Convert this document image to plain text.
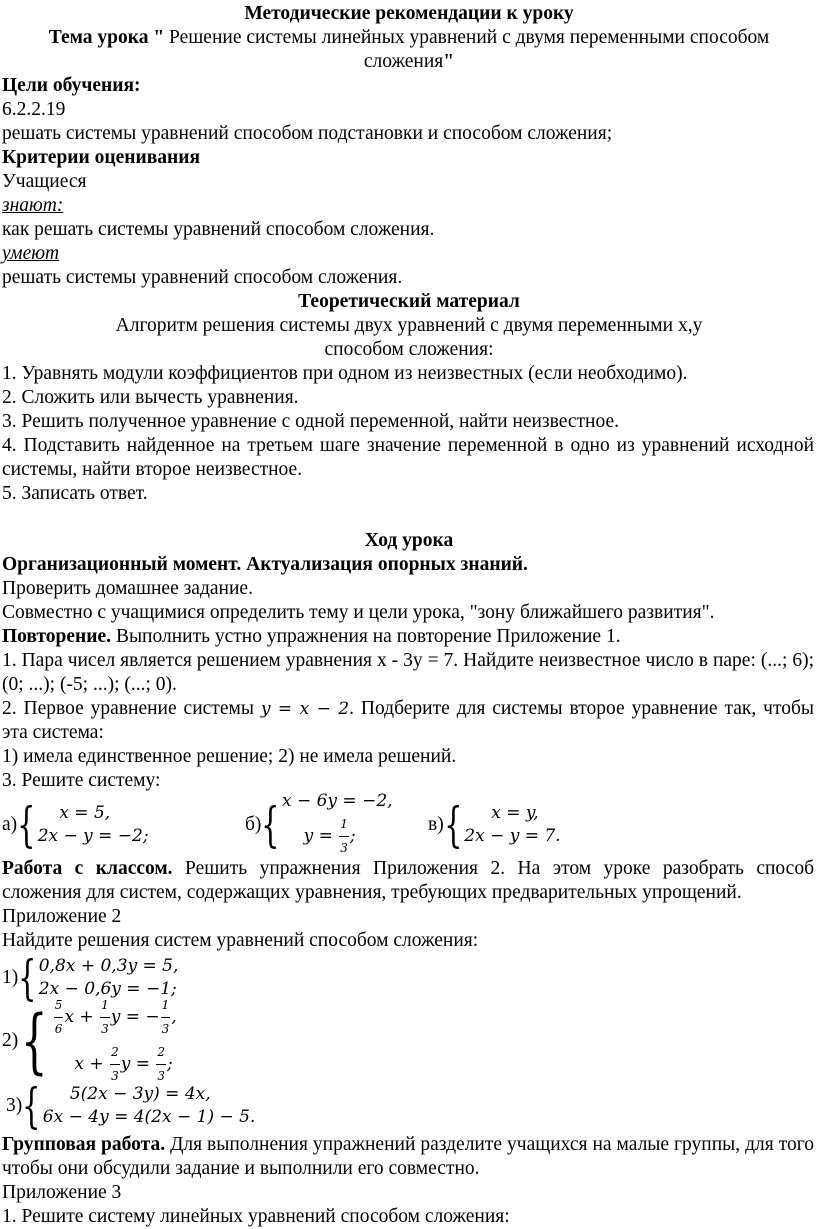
Методические рекомендации к уроку
Тема урока " Решение системы линейных уравнений с двумя переменными способом
сложения"
Цели обучения:
6.2.2.19
решать системы уравнений способом подстановки и способом сложения;
Критерии оценивания
Учащиеся
знают:
как решать системы уравнений способом сложения.
умеют
решать системы уравнений способом сложения.
Теоретический материал
Алгоритм решения системы двух уравнений с двумя переменными х,у
способом сложения:
1. Уравнять модули коэффициентов при одном из неизвестных (если необходимо).
2. Сложить или вычесть уравнения.
3. Решить полученное уравнение с одной переменной, найти неизвестное.
4. Подставить найденное на третьем шаге значение переменной в одно из уравнений исходной системы, найти второе неизвестное.
5. Записать ответ.
Ход урока
Организационный момент. Актуализация опорных знаний.
Проверить домашнее задание.
Совместно с учащимися определить тему и цели урока, "зону ближайшего развития".
Повторение. Выполнить устно упражнения на повторение Приложение 1.
1. Пара чисел является решением уравнения х - 3у = 7. Найдите неизвестное число в паре: (...; 6); (0; ...); (-5; ...); (...; 0).
2. Первое уравнение системы y = x − 2. Подберите для системы второе уравнение так, чтобы эта система:
1) имела единственное решение; 2) не имела решений.
3. Решите систему:
а) { x = 5,
2x − y = −2;
б) { x − 6y = −2,
$y = \frac{1}{3}$ ;
в) { x = y,
2x − y = 7.
Работа с классом. Решить упражнения Приложения 2. На этом уроке разобрать способ сложения для систем, содержащих уравнения, требующих предварительных упрощений.
Приложение 2
Найдите решения систем уравнений способом сложения:
1) { 0,8x + 0,3y = 5,
2x − 0,6y = −1;
2) { $\frac{5}{6}$ $x + \frac{1}{3}$ y = − $\frac{1}{3}$ ,
$x + \frac{2}{3}$ $y = \frac{2}{3}$ ;
3) { 5(2x − 3y) = 4x,
6x − 4y = 4(2x − 1) − 5.
Групповая работа. Для выполнения упражнений разделите учащихся на малые группы, для того чтобы они обсудили задание и выполнили его совместно.
Приложение 3
1. Решите систему линейных уравнений способом сложения:
